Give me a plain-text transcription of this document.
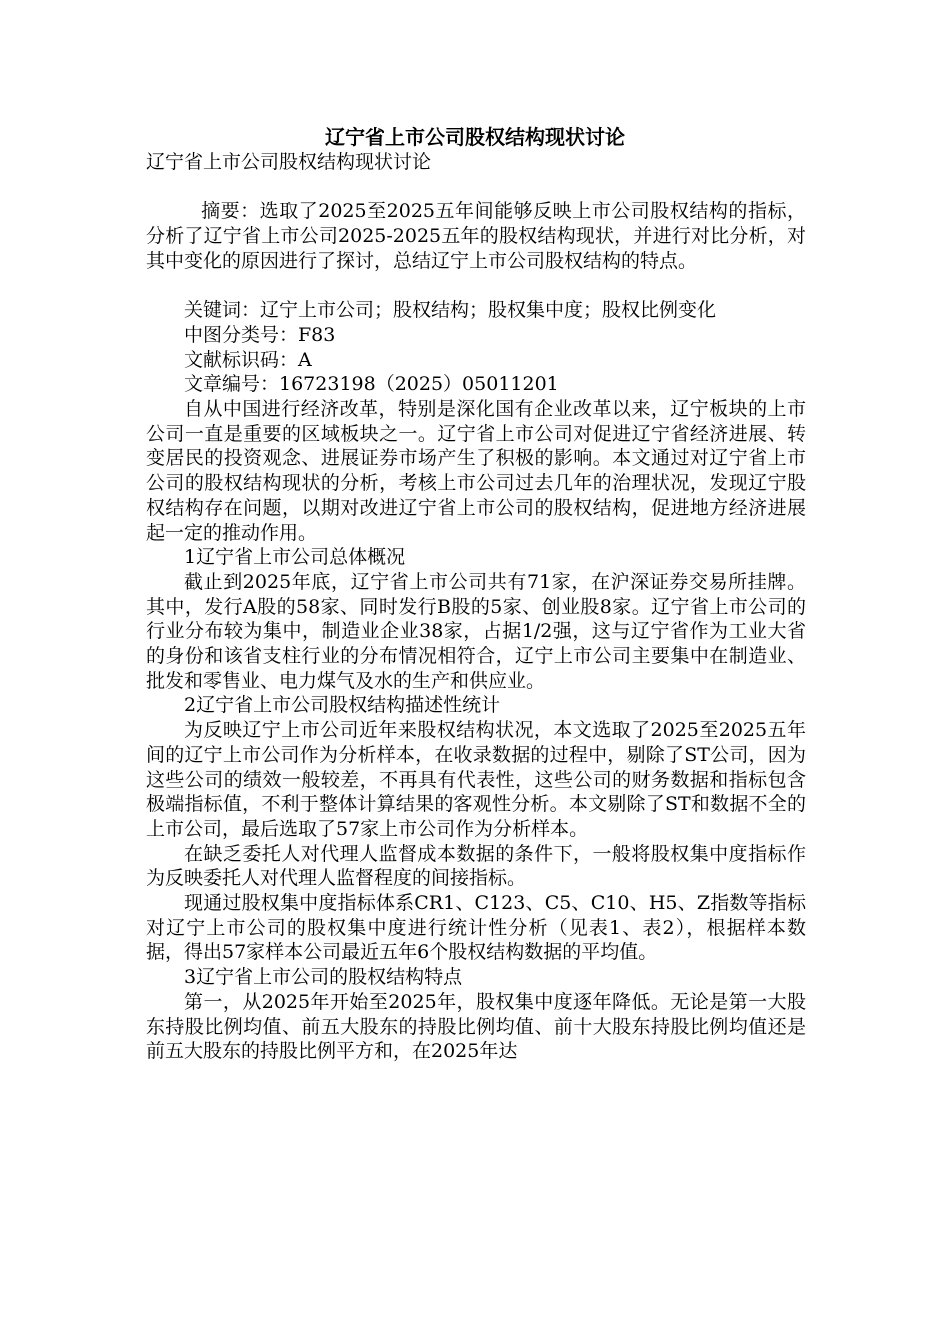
辽宁省上市公司股权结构现状讨论

辽宁省上市公司股权结构现状讨论

摘要：选取了2025至2025五年间能够反映上市公司股权结构的指标，分析了辽宁省上市公司2025-2025五年的股权结构现状，并进行对比分析，对其中变化的原因进行了探讨，总结辽宁上市公司股权结构的特点。

关键词：辽宁上市公司；股权结构；股权集中度；股权比例变化

中图分类号：F83

文献标识码：A

文章编号：16723198（2025）05011201

自从中国进行经济改革，特别是深化国有企业改革以来，辽宁板块的上市公司一直是重要的区域板块之一。辽宁省上市公司对促进辽宁省经济进展、转变居民的投资观念、进展证券市场产生了积极的影响。本文通过对辽宁省上市公司的股权结构现状的分析，考核上市公司过去几年的治理状况，发现辽宁股权结构存在问题，以期对改进辽宁省上市公司的股权结构，促进地方经济进展起一定的推动作用。

1辽宁省上市公司总体概况

截止到2025年底，辽宁省上市公司共有71家，在沪深证券交易所挂牌。其中，发行A股的58家、同时发行B股的5家、创业股8家。辽宁省上市公司的行业分布较为集中，制造业企业38家，占据1/2强，这与辽宁省作为工业大省的身份和该省支柱行业的分布情况相符合，辽宁上市公司主要集中在制造业、批发和零售业、电力煤气及水的生产和供应业。

2辽宁省上市公司股权结构描述性统计

为反映辽宁上市公司近年来股权结构状况，本文选取了2025至2025五年间的辽宁上市公司作为分析样本，在收录数据的过程中，剔除了ST公司，因为这些公司的绩效一般较差，不再具有代表性，这些公司的财务数据和指标包含极端指标值，不利于整体计算结果的客观性分析。本文剔除了ST和数据不全的上市公司，最后选取了57家上市公司作为分析样本。

在缺乏委托人对代理人监督成本数据的条件下，一般将股权集中度指标作为反映委托人对代理人监督程度的间接指标。

现通过股权集中度指标体系CR1、C123、C5、C10、H5、Z指数等指标对辽宁上市公司的股权集中度进行统计性分析（见表1、表2），根据样本数据，得出57家样本公司最近五年6个股权结构数据的平均值。

3辽宁省上市公司的股权结构特点

第一，从2025年开始至2025年，股权集中度逐年降低。无论是第一大股东持股比例均值、前五大股东的持股比例均值、前十大股东持股比例均值还是前五大股东的持股比例平方和，在2025年达
